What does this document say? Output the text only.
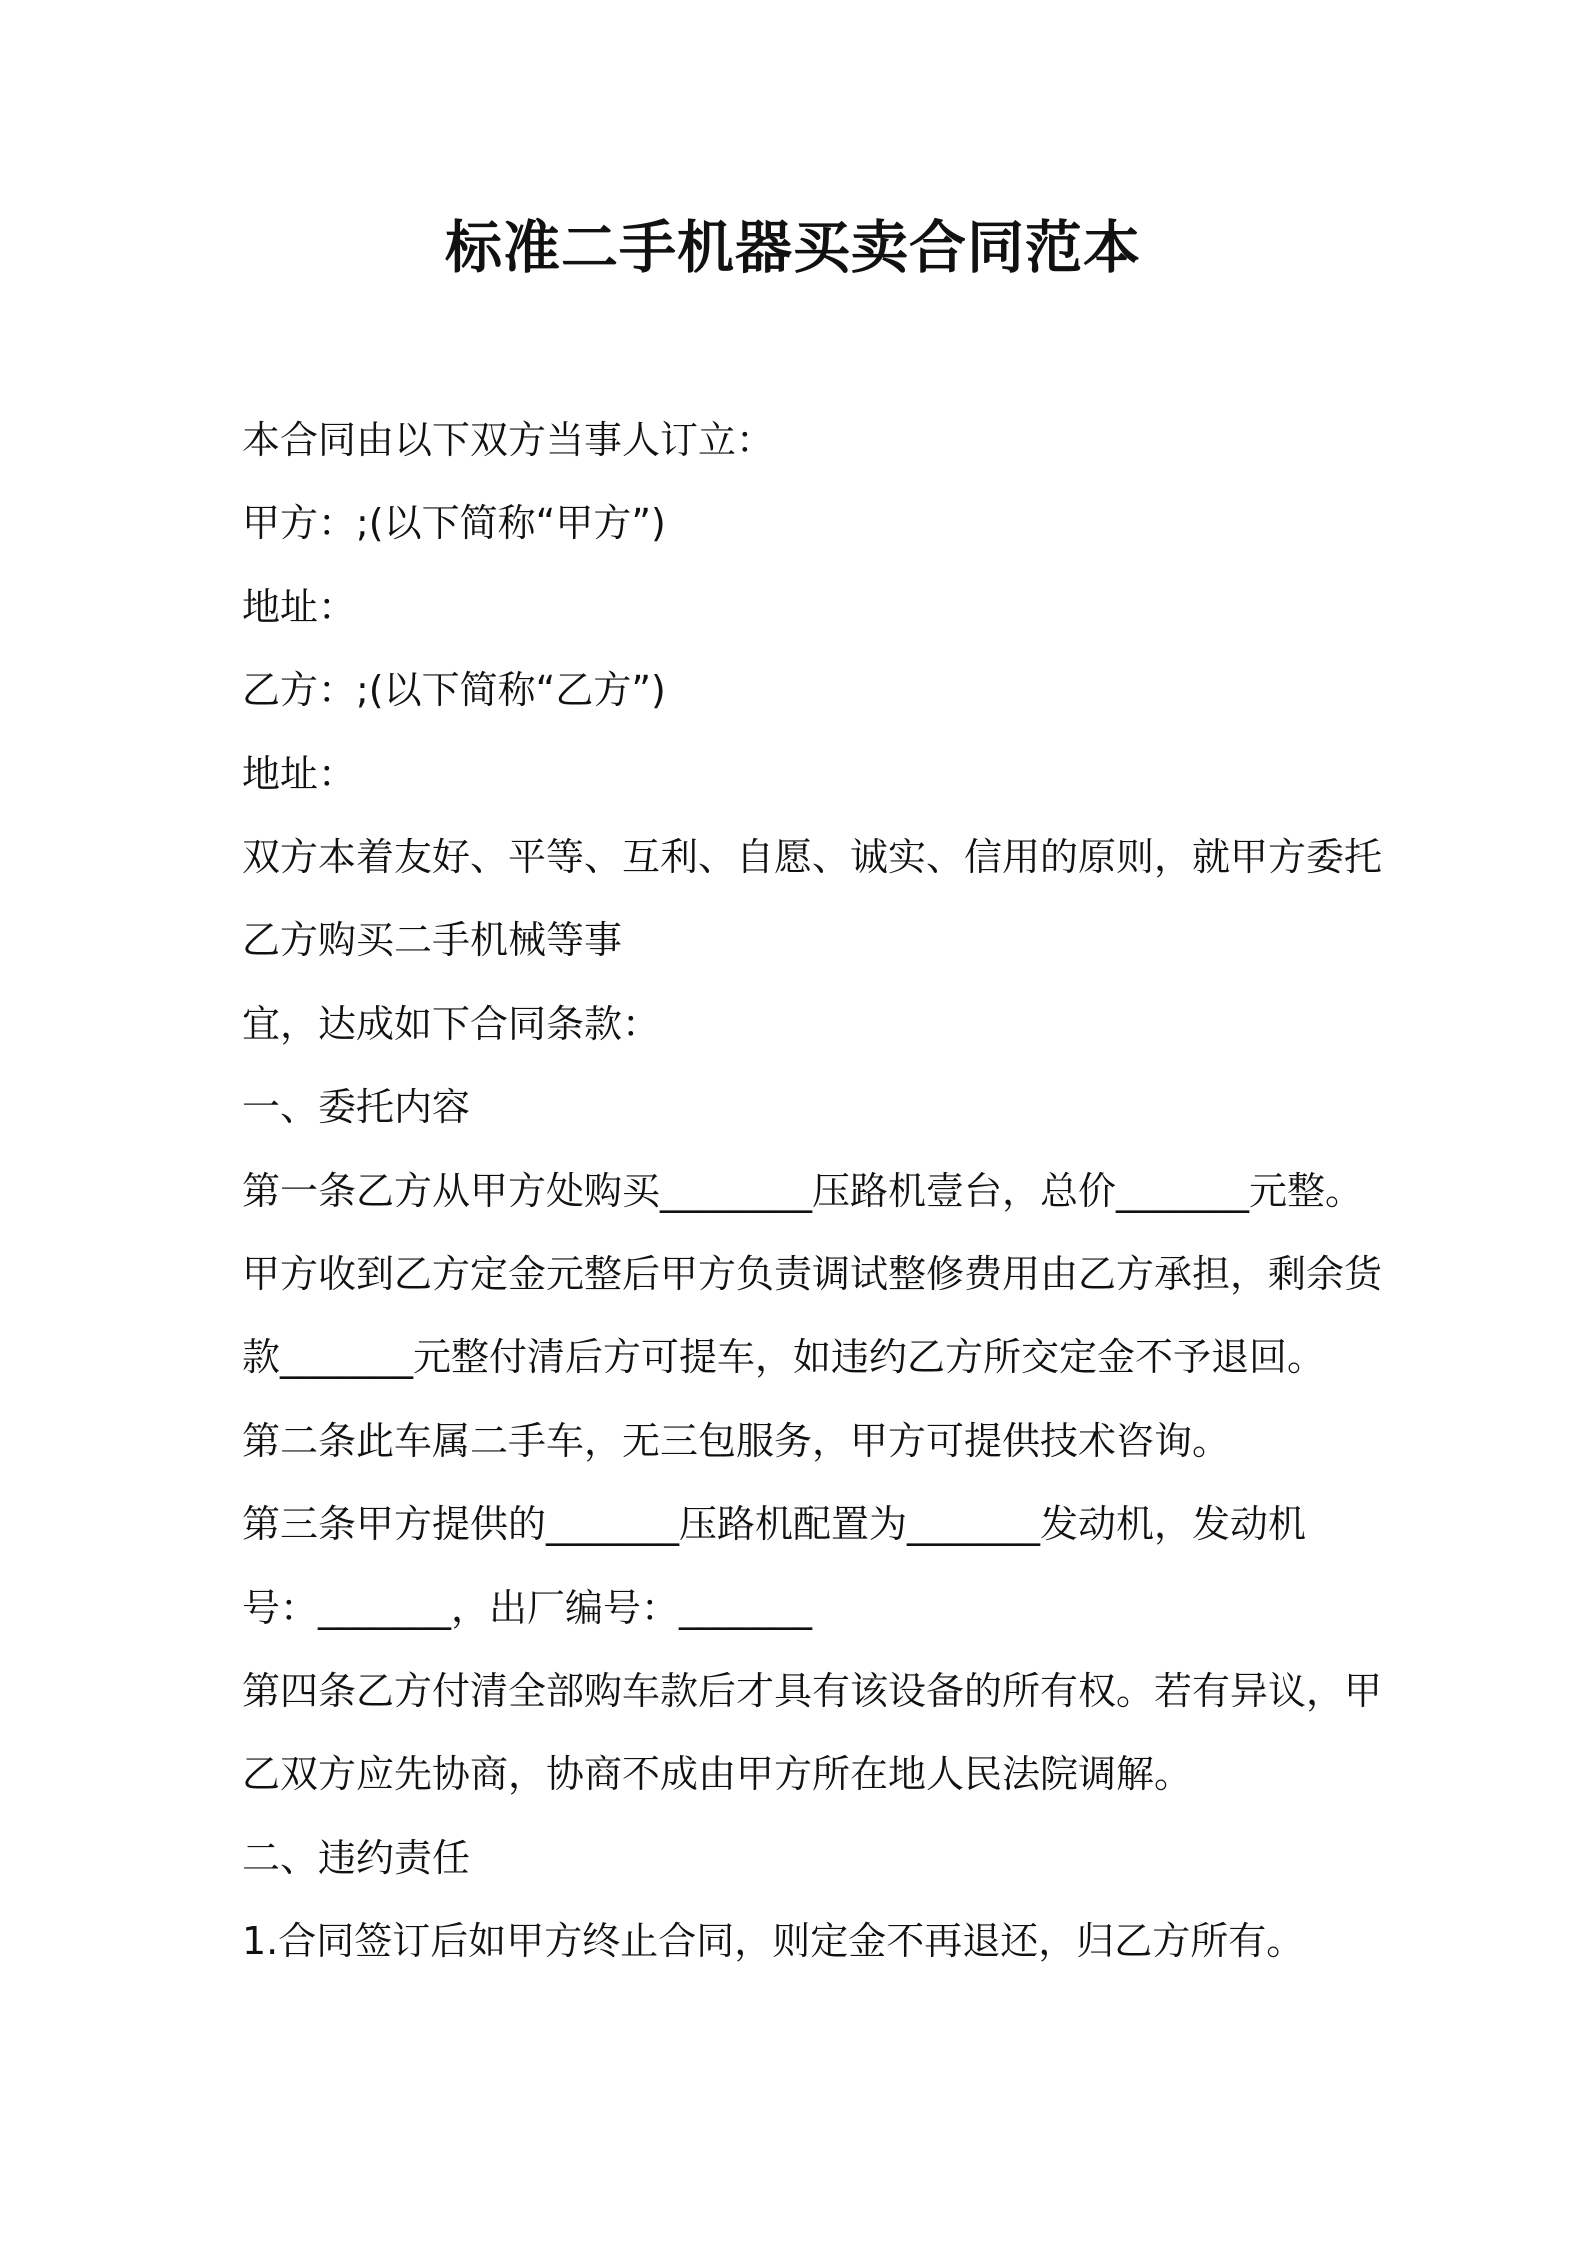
标准二手机器买卖合同范本

本合同由以下双方当事人订立：

甲方：;(以下简称“甲方”)

地址：

乙方：;(以下简称“乙方”)

地址：

双方本着友好、平等、互利、自愿、诚实、信用的原则，就甲方委托

乙方购买二手机械等事

宜，达成如下合同条款：

一、委托内容

第一条乙方从甲方处购买________压路机壹台，总价_______元整。

甲方收到乙方定金元整后甲方负责调试整修费用由乙方承担，剩余货

款_______元整付清后方可提车，如违约乙方所交定金不予退回。

第二条此车属二手车，无三包服务，甲方可提供技术咨询。

第三条甲方提供的_______压路机配置为_______发动机，发动机

号：_______，出厂编号：_______

第四条乙方付清全部购车款后才具有该设备的所有权。若有异议，甲

乙双方应先协商，协商不成由甲方所在地人民法院调解。

二、违约责任

1.合同签订后如甲方终止合同，则定金不再退还，归乙方所有。
